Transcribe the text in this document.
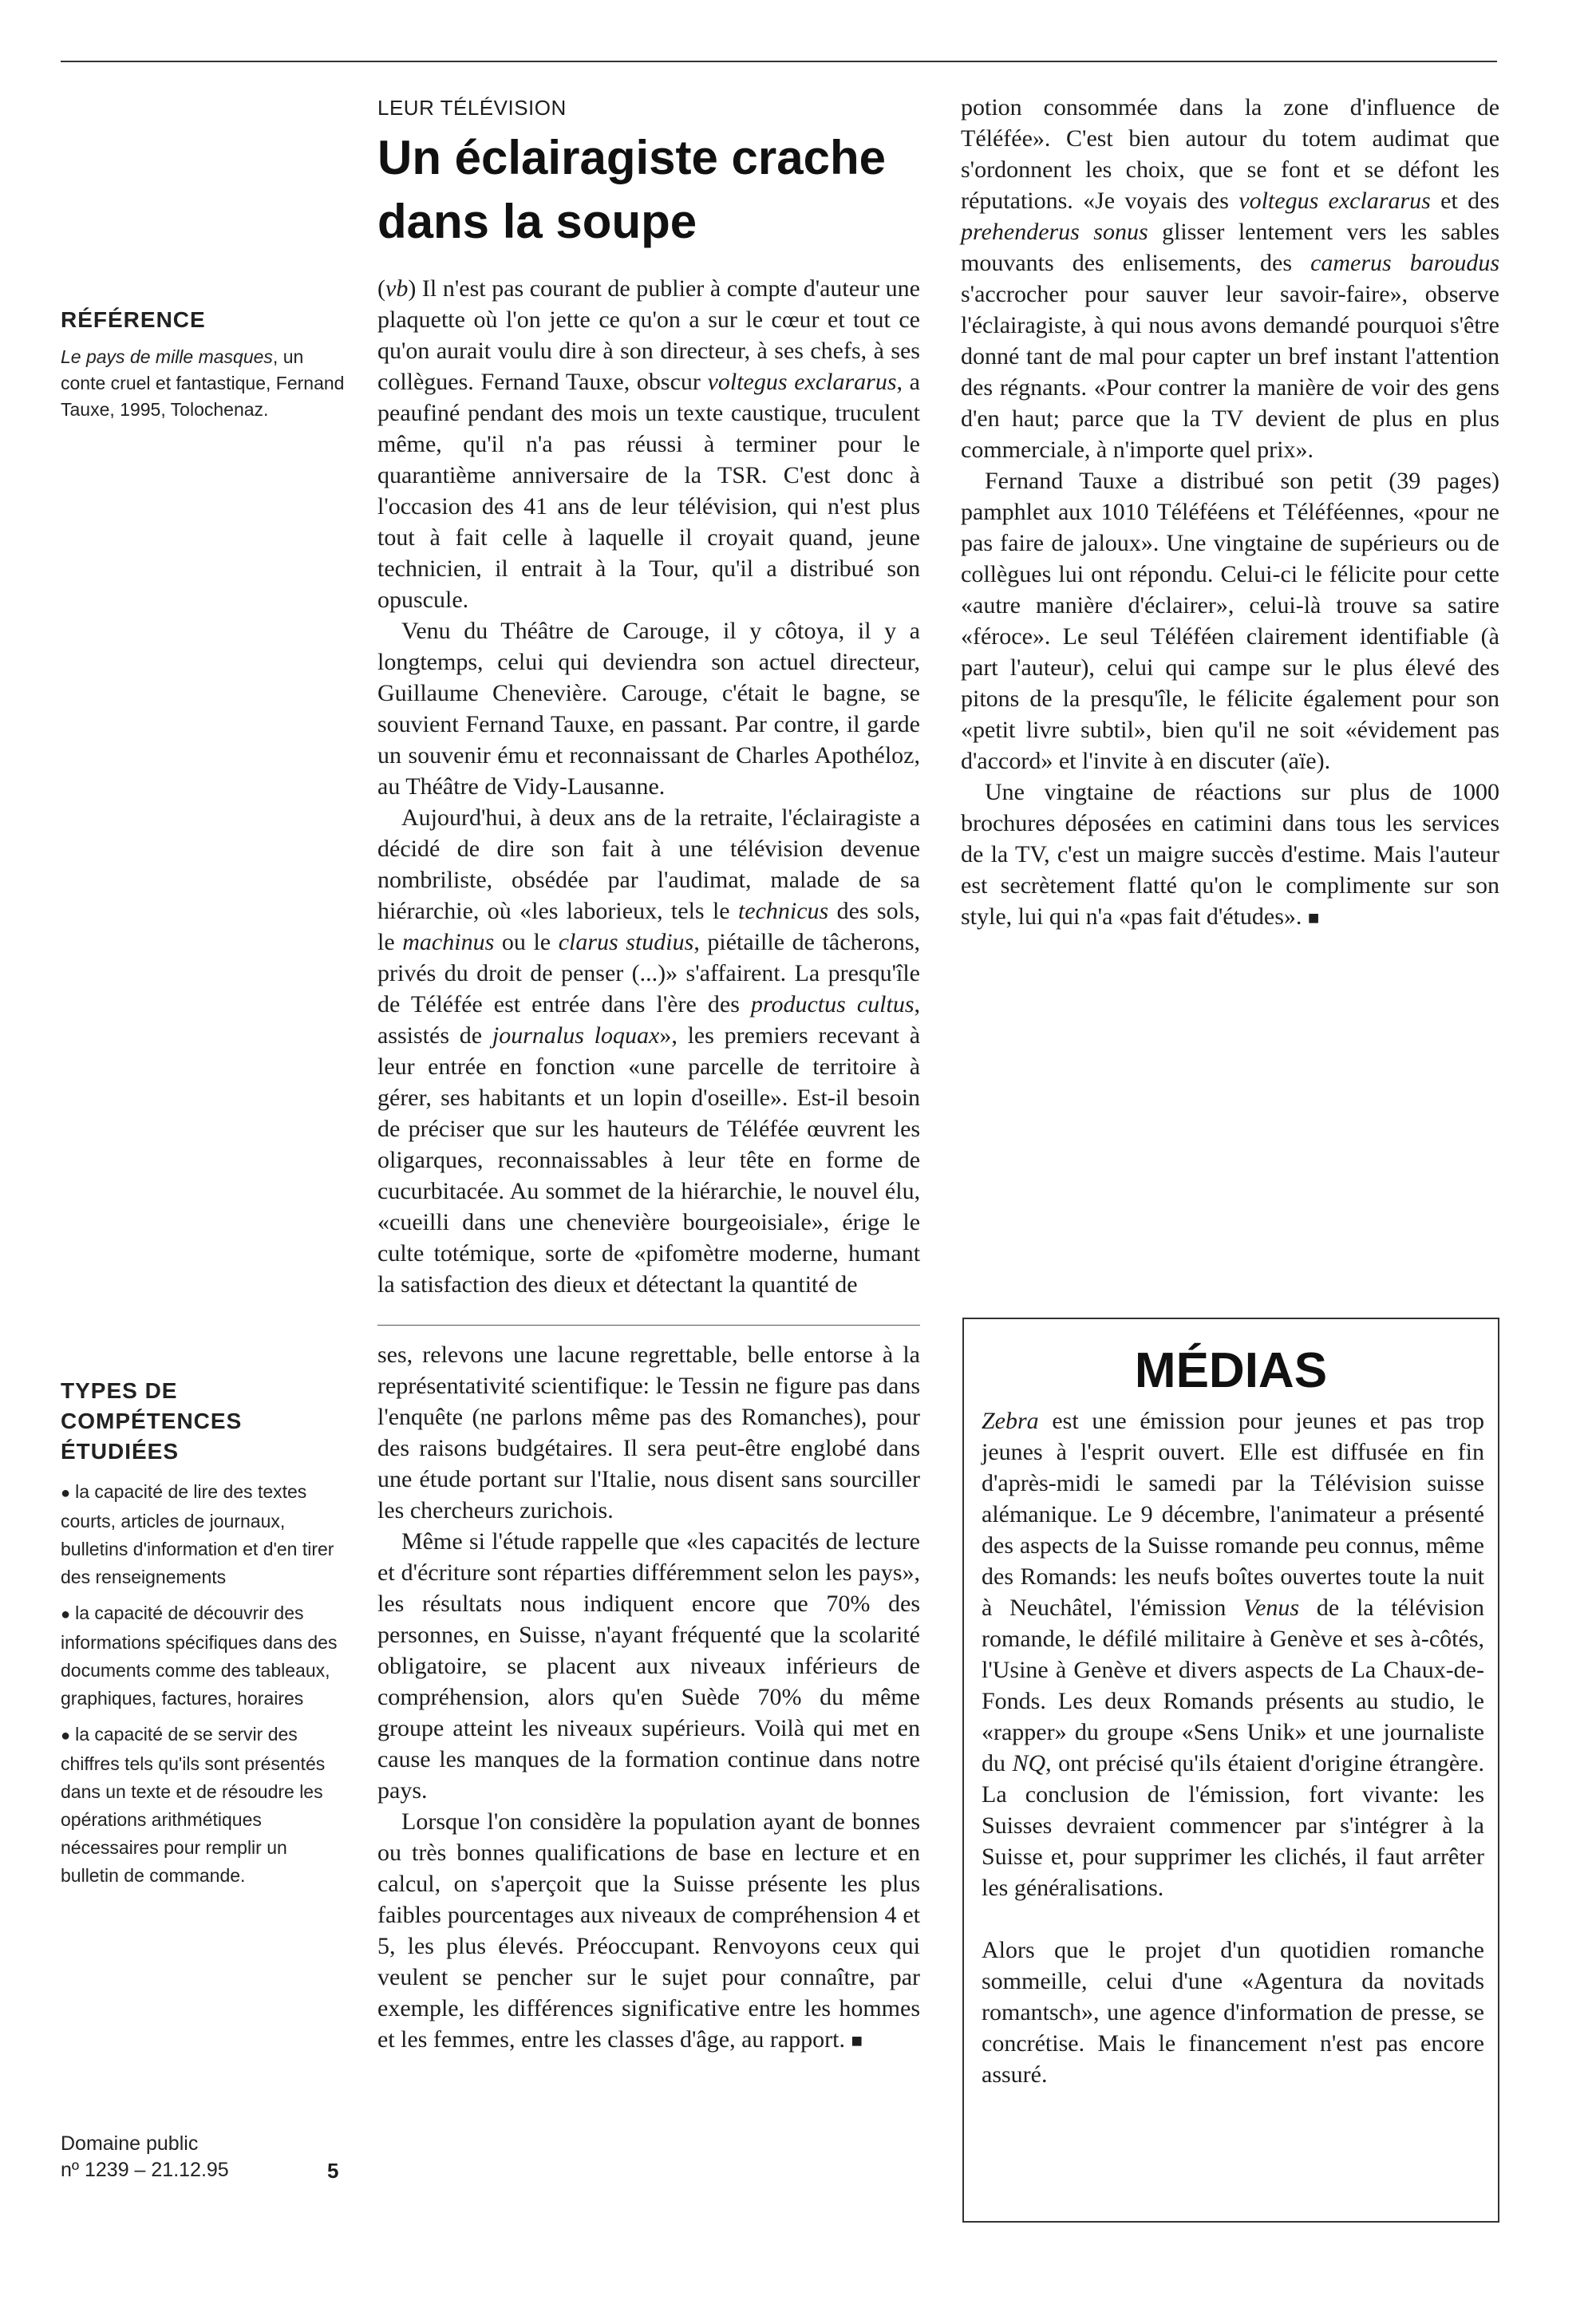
RÉFÉRENCE
Le pays de mille masques, un conte cruel et fantastique, Fernand Tauxe, 1995, Tolochenaz.
TYPES DE
COMPÉTENCES
ÉTUDIÉES
● la capacité de lire des textes courts, articles de journaux, bulletins d'information et d'en tirer des renseignements
● la capacité de découvrir des informations spécifiques dans des documents comme des tableaux, graphiques, factures, horaires
● la capacité de se servir des chiffres tels qu'ils sont présentés dans un texte et de résoudre les opérations arithmétiques nécessaires pour remplir un bulletin de commande.
Domaine public
nº 1239 – 21.12.95	5
LEUR TÉLÉVISION
Un éclairagiste crache dans la soupe

(vb) Il n'est pas courant de publier à compte d'auteur une plaquette où l'on jette ce qu'on a sur le cœur et tout ce qu'on aurait voulu dire à son directeur, à ses chefs, à ses collègues. Fernand Tauxe, obscur voltegus exclararus, a peaufiné pendant des mois un texte caustique, truculent même, qu'il n'a pas réussi à terminer pour le quarantième anniversaire de la TSR. C'est donc à l'occasion des 41 ans de leur télévision, qui n'est plus tout à fait celle à laquelle il croyait quand, jeune technicien, il entrait à la Tour, qu'il a distribué son opuscule.

Venu du Théâtre de Carouge, il y côtoya, il y a longtemps, celui qui deviendra son actuel directeur, Guillaume Chenevière. Carouge, c'était le bagne, se souvient Fernand Tauxe, en passant. Par contre, il garde un souvenir ému et reconnaissant de Charles Apothéloz, au Théâtre de Vidy-Lausanne.

Aujourd'hui, à deux ans de la retraite, l'éclairagiste a décidé de dire son fait à une télévision devenue nombriliste, obsédée par l'audimat, malade de sa hiérarchie, où «les laborieux, tels le technicus des sols, le machinus ou le clarus studius, piétaille de tâcherons, privés du droit de penser (...)» s'affairent. La presqu'île de Téléfée est entrée dans l'ère des productus cultus, assistés de journalus loquax», les premiers recevant à leur entrée en fonction «une parcelle de territoire à gérer, ses habitants et un lopin d'oseille». Est-il besoin de préciser que sur les hauteurs de Téléfée œuvrent les oligarques, reconnaissables à leur tête en forme de cucurbitacée. Au sommet de la hiérarchie, le nouvel élu, «cueilli dans une chenevière bourgeoisiale», érige le culte totémique, sorte de «pifomètre moderne, humant la satisfaction des dieux et détectant la quantité de

potion consommée dans la zone d'influence de Téléfée». C'est bien autour du totem audimat que s'ordonnent les choix, que se font et se défont les réputations. «Je voyais des voltegus exclararus et des prehenderus sonus glisser lentement vers les sables mouvants des enlisements, des camerus baroudus s'accrocher pour sauver leur savoir-faire», observe l'éclairagiste, à qui nous avons demandé pourquoi s'être donné tant de mal pour capter un bref instant l'attention des régnants. «Pour contrer la manière de voir des gens d'en haut; parce que la TV devient de plus en plus commerciale, à n'importe quel prix».

Fernand Tauxe a distribué son petit (39 pages) pamphlet aux 1010 Téléféens et Téléféennes, «pour ne pas faire de jaloux». Une vingtaine de supérieurs ou de collègues lui ont répondu. Celui-ci le félicite pour cette «autre manière d'éclairer», celui-là trouve sa satire «féroce». Le seul Téléféen clairement identifiable (à part l'auteur), celui qui campe sur le plus élevé des pitons de la presqu'île, le félicite également pour son «petit livre subtil», bien qu'il ne soit «évidement pas d'accord» et l'invite à en discuter (aïe).

Une vingtaine de réactions sur plus de 1000 brochures déposées en catimini dans tous les services de la TV, c'est un maigre succès d'estime. Mais l'auteur est secrètement flatté qu'on le complimente sur son style, lui qui n'a «pas fait d'études». ■

ses, relevons une lacune regrettable, belle entorse à la représentativité scientifique: le Tessin ne figure pas dans l'enquête (ne parlons même pas des Romanches), pour des raisons budgétaires. Il sera peut-être englobé dans une étude portant sur l'Italie, nous disent sans sourciller les chercheurs zurichois.

Même si l'étude rappelle que «les capacités de lecture et d'écriture sont réparties différemment selon les pays», les résultats nous indiquent encore que 70% des personnes, en Suisse, n'ayant fréquenté que la scolarité obligatoire, se placent aux niveaux inférieurs de compréhension, alors qu'en Suède 70% du même groupe atteint les niveaux supérieurs. Voilà qui met en cause les manques de la formation continue dans notre pays.

Lorsque l'on considère la population ayant de bonnes ou très bonnes qualifications de base en lecture et en calcul, on s'aperçoit que la Suisse présente les plus faibles pourcentages aux niveaux de compréhension 4 et 5, les plus élevés. Préoccupant. Renvoyons ceux qui veulent se pencher sur le sujet pour connaître, par exemple, les différences significative entre les hommes et les femmes, entre les classes d'âge, au rapport. ■

MÉDIAS

Zebra est une émission pour jeunes et pas trop jeunes à l'esprit ouvert. Elle est diffusée en fin d'après-midi le samedi par la Télévision suisse alémanique. Le 9 décembre, l'animateur a présenté des aspects de la Suisse romande peu connus, même des Romands: les neufs boîtes ouvertes toute la nuit à Neuchâtel, l'émission Venus de la télévision romande, le défilé militaire à Genève et ses à-côtés, l'Usine à Genève et divers aspects de La Chaux-de-Fonds. Les deux Romands présents au studio, le «rapper» du groupe «Sens Unik» et une journaliste du NQ, ont précisé qu'ils étaient d'origine étrangère. La conclusion de l'émission, fort vivante: les Suisses devraient commencer par s'intégrer à la Suisse et, pour supprimer les clichés, il faut arrêter les généralisations.

Alors que le projet d'un quotidien romanche sommeille, celui d'une «Agentura da novitads romantsch», une agence d'information de presse, se concrétise. Mais le financement n'est pas encore assuré.
